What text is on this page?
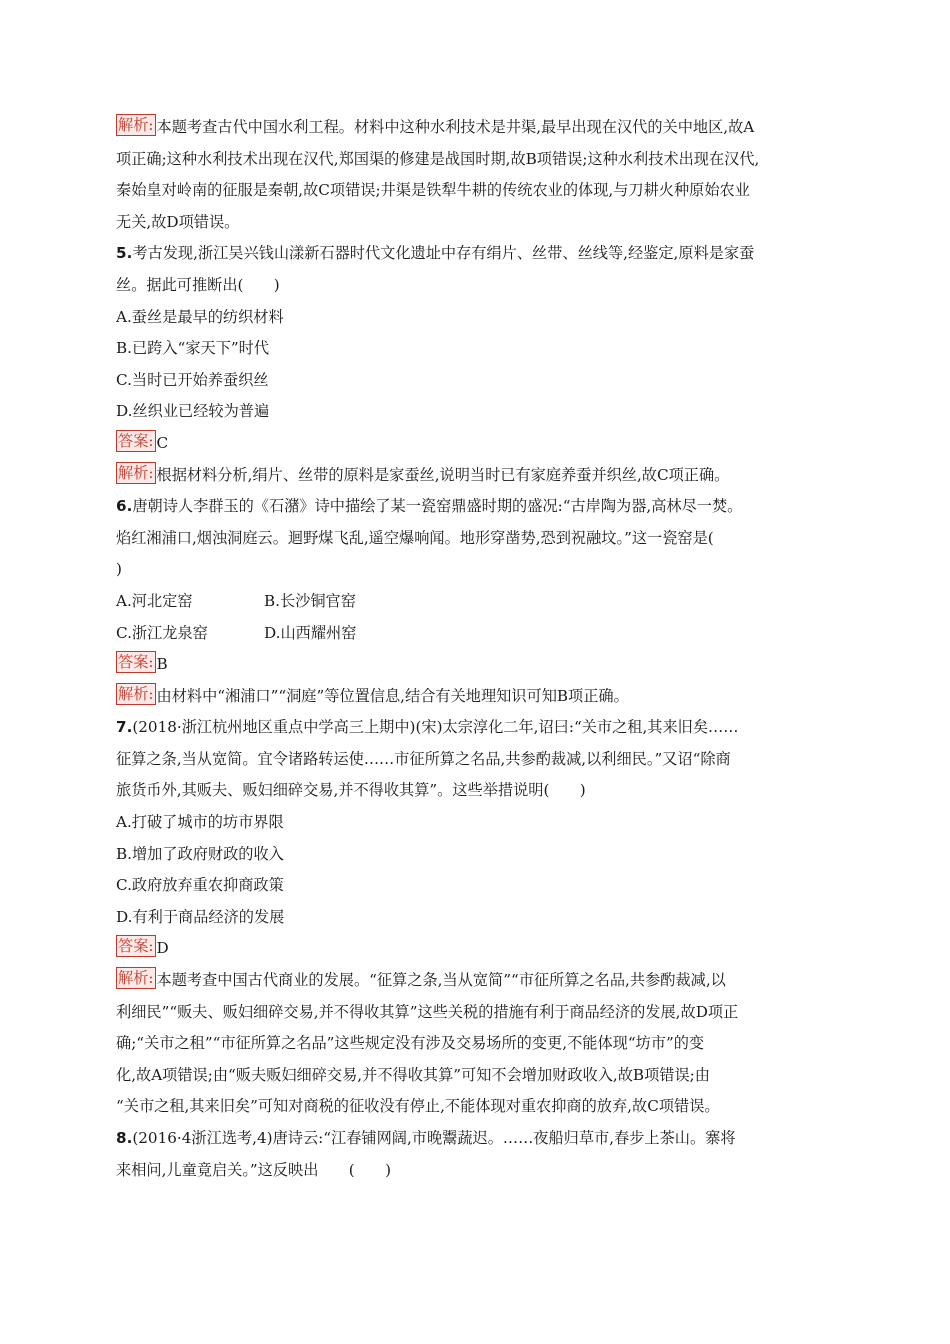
解析: 本题考查古代中国水利工程。材料中这种水利技术是井渠,最早出现在汉代的关中地区,故A
项正确;这种水利技术出现在汉代,郑国渠的修建是战国时期,故B项错误;这种水利技术出现在汉代,
秦始皇对岭南的征服是秦朝,故C项错误;井渠是铁犁牛耕的传统农业的体现,与刀耕火种原始农业
无关,故D项错误。
5.考古发现,浙江吴兴钱山漾新石器时代文化遗址中存有绢片、丝带、丝线等,经鉴定,原料是家蚕
丝。据此可推断出(　　)
A.蚕丝是最早的纺织材料
B.已跨入“家天下”时代
C.当时已开始养蚕织丝
D.丝织业已经较为普遍
答案: C
解析: 根据材料分析,绢片、丝带的原料是家蚕丝,说明当时已有家庭养蚕并织丝,故C项正确。
6.唐朝诗人李群玉的《石潴》诗中描绘了某一瓷窑鼎盛时期的盛况:“古岸陶为器,高林尽一焚。
焰红湘浦口,烟浊洞庭云。迴野煤飞乱,遥空爆响闻。地形穿凿势,恐到祝融坟。”这一瓷窑是(
)
A.河北定窑	B.长沙铜官窑
C.浙江龙泉窑	D.山西耀州窑
答案: B
解析: 由材料中“湘浦口”“洞庭”等位置信息,结合有关地理知识可知B项正确。
7.(2018·浙江杭州地区重点中学高三上期中)(宋)太宗淳化二年,诏曰:“关市之租,其来旧矣……
征算之条,当从宽简。宜令诸路转运使……市征所算之名品,共参酌裁减,以利细民。”又诏“除商
旅货币外,其贩夫、贩妇细碎交易,并不得收其算”。这些举措说明(　　)
A.打破了城市的坊市界限
B.增加了政府财政的收入
C.政府放弃重农抑商政策
D.有利于商品经济的发展
答案: D
解析: 本题考查中国古代商业的发展。“征算之条,当从宽简”“市征所算之名品,共参酌裁减,以
利细民”“贩夫、贩妇细碎交易,并不得收其算”这些关税的措施有利于商品经济的发展,故D项正
确;“关市之租”“市征所算之名品”这些规定没有涉及交易场所的变更,不能体现“坊市”的变
化,故A项错误;由“贩夫贩妇细碎交易,并不得收其算”可知不会增加财政收入,故B项错误;由
“关市之租,其来旧矣”可知对商税的征收没有停止,不能体现对重农抑商的放弃,故C项错误。
8.(2016·4浙江选考,4)唐诗云:“江春铺网阔,市晚鬻蔬迟。……夜船归草市,春步上茶山。寨将
来相问,儿童竟启关。”这反映出　　(　　)
